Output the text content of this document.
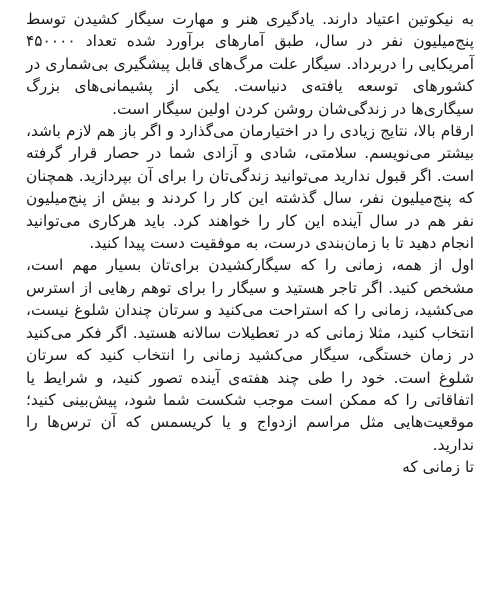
به نیکوتین اعتیاد دارند. یادگیری هنر و مهارت سیگار کشیدن توسط پنج‌میلیون نفر در سال، طبق آمارهای برآورد شده تعداد ۴۵۰۰۰۰ آمریکایی را دربرداد. سیگار علت مرگ‌های قابل پیشگیری بی‌شماری در کشورهای توسعه یافته‌ی دنیاست. یکی از پشیمانی‌های بزرگ سیگاری‌ها در زندگی‌شان روشن کردن اولین سیگار است.

ارقام بالا، نتایج زیادی را در اختیارمان می‌گذارد و اگر باز هم لازم باشد، بیشتر می‌نویسم. سلامتی، شادی و آزادی شما در حصار قرار گرفته است. اگر قبول ندارید می‌توانید زندگی‌تان را برای آن بپردازید. همچنان که پنج‌میلیون نفر، سال گذشته این کار را کردند و بیش از پنج‌میلیون نفر هم در سال آینده این کار را خواهند کرد. باید هرکاری می‌توانید انجام دهید تا با زمان‌بندی درست، به موفقیت دست پیدا کنید.

اول از همه، زمانی را که سیگارکشیدن برای‌تان بسیار مهم است، مشخص کنید. اگر تاجر هستید و سیگار را برای توهم رهایی از استرس می‌کشید، زمانی را که استراحت می‌کنید و سرتان چندان شلوغ نیست، انتخاب کنید، مثلا زمانی که در تعطیلات سالانه هستید. اگر فکر می‌کنید در زمان خستگی، سیگار می‌کشید زمانی را انتخاب کنید که سرتان شلوغ است. خود را طی چند هفته‌ی آینده تصور کنید، و شرایط یا اتفاقاتی را که ممکن است موجب شکست شما شود، پیش‌بینی کنید؛ موقعیت‌هایی مثل مراسم ازدواج و یا کریسمس که آن ترس‌ها را ندارید.

تا زمانی که
